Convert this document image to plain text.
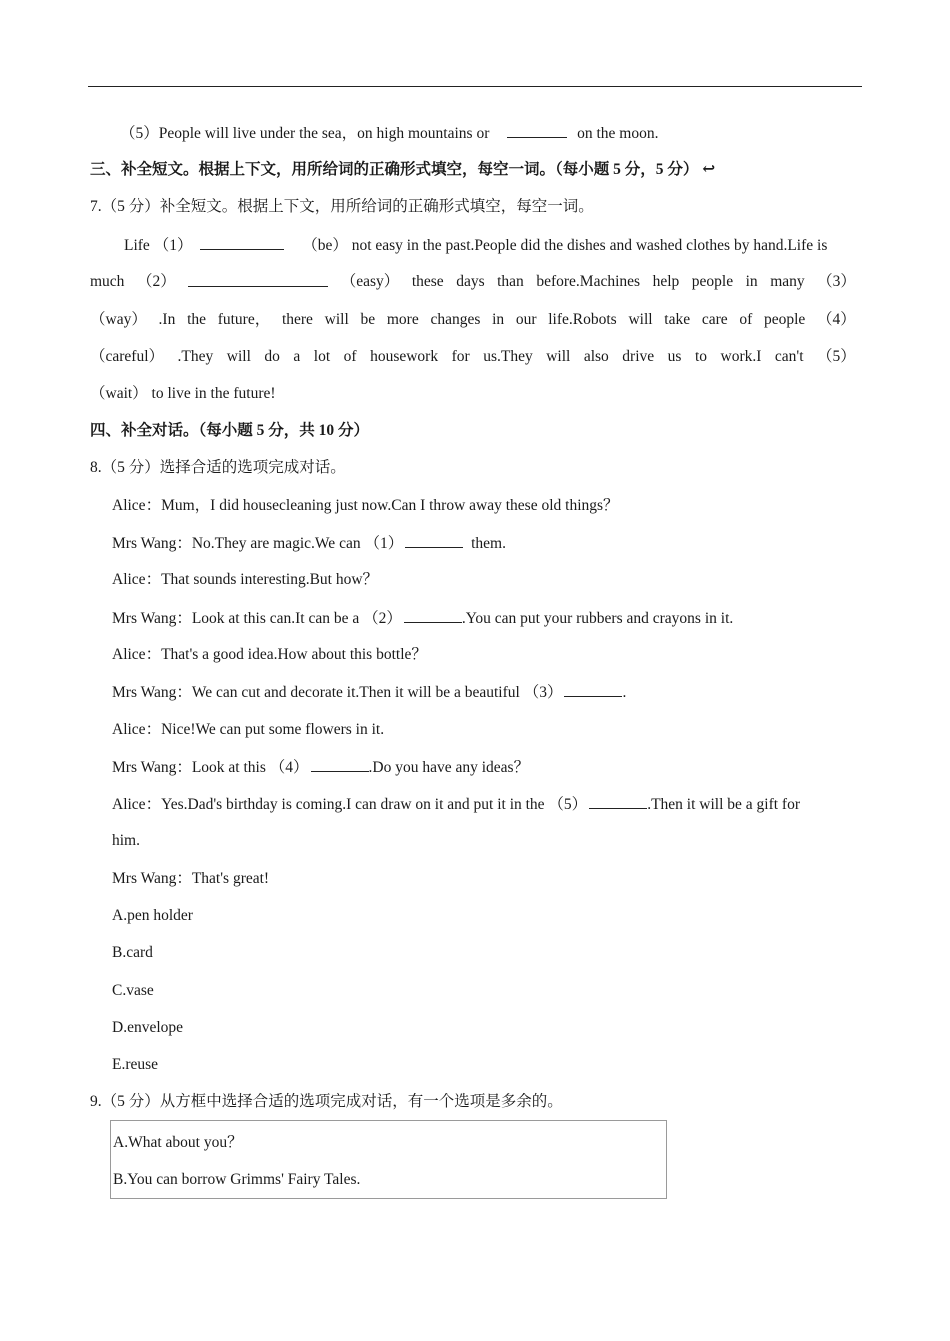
（5）People will live under the sea，on high mountains or	on the moon.
三、补全短文。根据上下文，用所给词的正确形式填空，每空一词。（每小题 5 分，5 分） ↩
7.（5 分）补全短文。根据上下文，用所给词的正确形式填空，每空一词。
Life （1）	（be） not easy in the past.People did the dishes and washed clothes by hand.Life is
much （2）	（easy） these days than before.Machines help people in many （3）
（way） .In the future， there will be more changes in our life.Robots will take care of people （4）
（careful） .They will do a lot of housework for us.They will also drive us to work.I can't （5）
（wait） to live in the future!
四、补全对话。（每小题 5 分，共 10 分）
8.（5 分）选择合适的选项完成对话。
Alice：Mum，I did housecleaning just now.Can I throw away these old things？
Mrs Wang：No.They are magic.We can （1）	them.
Alice：That sounds interesting.But how？
Mrs Wang：Look at this can.It can be a （2）	.You can put your rubbers and crayons in it.
Alice：That's a good idea.How about this bottle？
Mrs Wang：We can cut and decorate it.Then it will be a beautiful （3）	.
Alice：Nice!We can put some flowers in it.
Mrs Wang：Look at this （4）	.Do you have any ideas？
Alice：Yes.Dad's birthday is coming.I can draw on it and put it in the （5）	.Then it will be a gift for
him.
Mrs Wang：That's great!
A.pen holder
B.card
C.vase
D.envelope
E.reuse
9.（5 分）从方框中选择合适的选项完成对话，有一个选项是多余的。
A.What about you？
B.You can borrow Grimms' Fairy Tales.
